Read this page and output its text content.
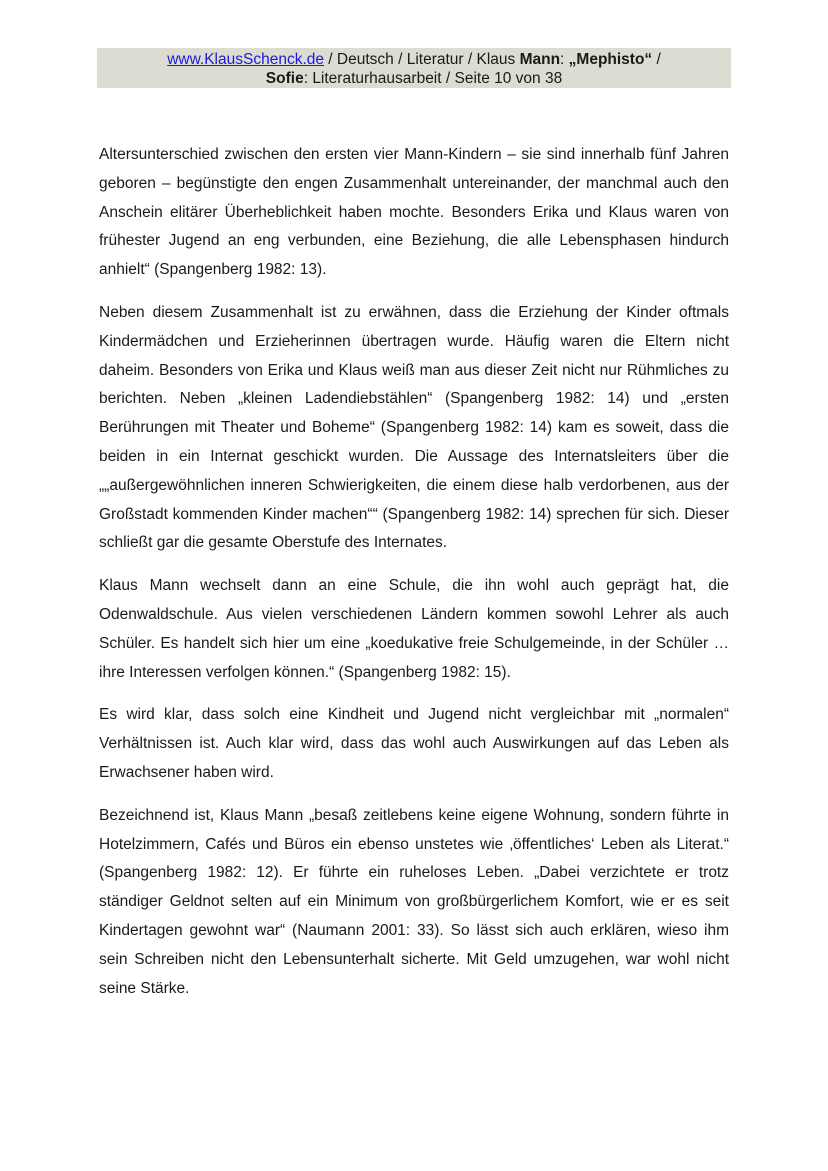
www.KlausSchenck.de / Deutsch / Literatur / Klaus Mann: „Mephisto“ /
Sofie: Literaturhausarbeit / Seite 10 von 38

Altersunterschied zwischen den ersten vier Mann-Kindern – sie sind innerhalb fünf Jahren geboren – begünstigte den engen Zusammenhalt untereinander, der manchmal auch den Anschein elitärer Überheblichkeit haben mochte. Besonders Erika und Klaus waren von frühester Jugend an eng verbunden, eine Beziehung, die alle Lebensphasen hindurch anhielt“ (Spangenberg 1982: 13).

Neben diesem Zusammenhalt ist zu erwähnen, dass die Erziehung der Kinder oftmals Kindermädchen und Erzieherinnen übertragen wurde. Häufig waren die Eltern nicht daheim. Besonders von Erika und Klaus weiß man aus dieser Zeit nicht nur Rühmliches zu berichten. Neben „kleinen Ladendiebstählen“ (Spangenberg 1982: 14) und „ersten Berührungen mit Theater und Boheme“ (Spangenberg 1982: 14) kam es soweit, dass die beiden in ein Internat geschickt wurden. Die Aussage des Internatsleiters über die „„außergewöhnlichen inneren Schwierigkeiten, die einem diese halb verdorbenen, aus der Großstadt kommenden Kinder machen““ (Spangenberg 1982: 14) sprechen für sich. Dieser schließt gar die gesamte Oberstufe des Internates.

Klaus Mann wechselt dann an eine Schule, die ihn wohl auch geprägt hat, die Odenwaldschule. Aus vielen verschiedenen Ländern kommen sowohl Lehrer als auch Schüler. Es handelt sich hier um eine „koedukative freie Schulgemeinde, in der Schüler … ihre Interessen verfolgen können.“ (Spangenberg 1982: 15).

Es wird klar, dass solch eine Kindheit und Jugend nicht vergleichbar mit „normalen“ Verhältnissen ist. Auch klar wird, dass das wohl auch Auswirkungen auf das Leben als Erwachsener haben wird.

Bezeichnend ist, Klaus Mann „besaß zeitlebens keine eigene Wohnung, sondern führte in Hotelzimmern, Cafés und Büros ein ebenso unstetes wie ‚öffentliches‘ Leben als Literat.“ (Spangenberg 1982: 12). Er führte ein ruheloses Leben. „Dabei verzichtete er trotz ständiger Geldnot selten auf ein Minimum von großbürgerlichem Komfort, wie er es seit Kindertagen gewohnt war“ (Naumann 2001: 33). So lässt sich auch erklären, wieso ihm sein Schreiben nicht den Lebensunterhalt sicherte. Mit Geld umzugehen, war wohl nicht seine Stärke.
